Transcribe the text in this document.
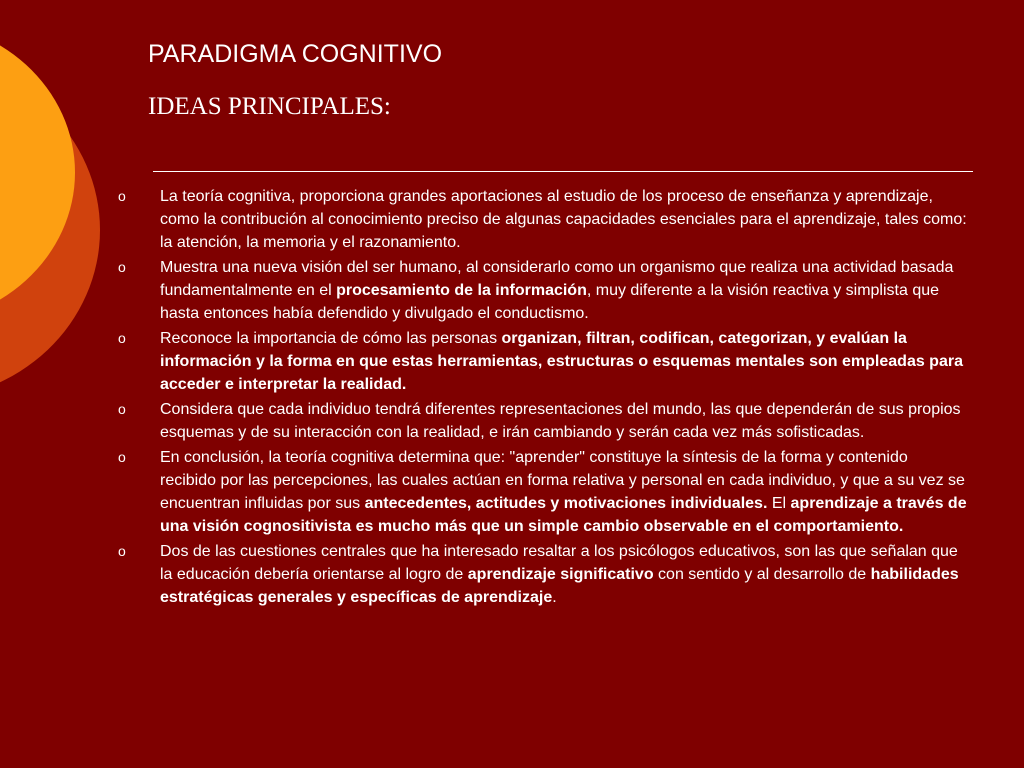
PARADIGMA COGNITIVO
IDEAS PRINCIPALES:
o La teoría cognitiva, proporciona grandes aportaciones al estudio de los proceso de enseñanza y aprendizaje, como la contribución al conocimiento preciso de algunas capacidades esenciales para el aprendizaje, tales como: la atención, la memoria y el razonamiento.
o Muestra una nueva visión del ser humano, al considerarlo como un organismo que realiza una actividad basada fundamentalmente en el procesamiento de la información, muy diferente a la visión reactiva y simplista que hasta entonces había defendido y divulgado el conductismo.
o Reconoce la importancia de cómo las personas organizan, filtran, codifican, categorizan, y evalúan la información y la forma en que estas herramientas, estructuras o esquemas mentales son empleadas para acceder e interpretar la realidad.
o Considera que cada individuo tendrá diferentes representaciones del mundo, las que dependerán de sus propios esquemas y de su interacción con la realidad, e irán cambiando y serán cada vez más sofisticadas.
o En conclusión, la teoría cognitiva determina que: "aprender" constituye la síntesis de la forma y contenido recibido por las percepciones, las cuales actúan en forma relativa y personal en cada individuo, y que a su vez se encuentran influidas por sus antecedentes, actitudes y motivaciones individuales. El aprendizaje a través de una visión cognositivista es mucho más que un simple cambio observable en el comportamiento.
o Dos de las cuestiones centrales que ha interesado resaltar a los psicólogos educativos, son las que señalan que la educación debería orientarse al logro de aprendizaje significativo con sentido y al desarrollo de habilidades estratégicas generales y específicas de aprendizaje.
